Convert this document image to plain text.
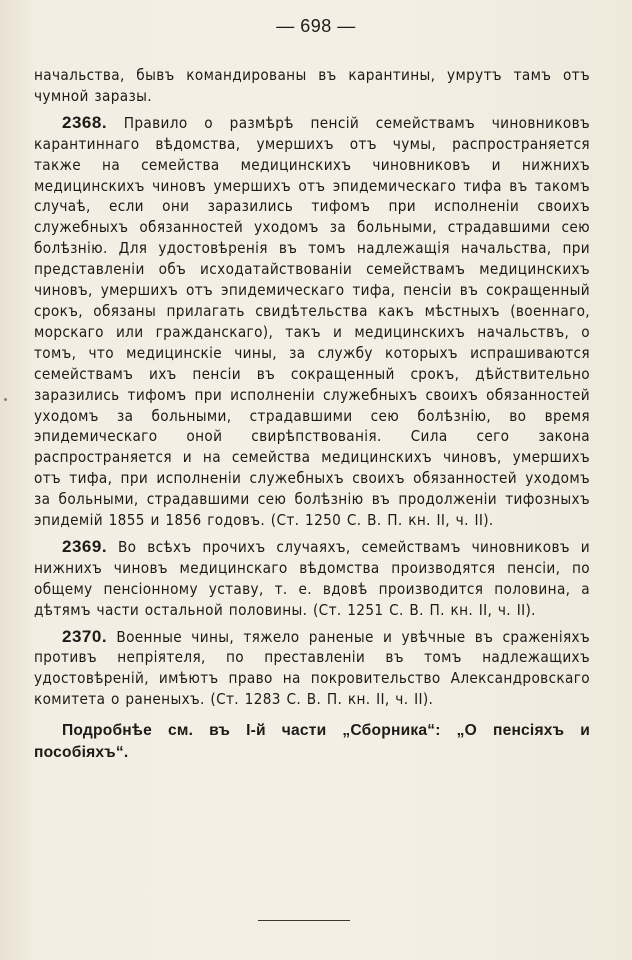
— 698 —

начальства, бывъ командированы въ карантины, умрутъ тамъ отъ чумной заразы.

2368. Правило о размѣрѣ пенсій семействамъ чиновниковъ карантиннаго вѣдомства, умершихъ отъ чумы, распространяется также на семейства медицинскихъ чиновниковъ и нижнихъ медицинскихъ чиновъ умершихъ отъ эпидемическаго тифа въ такомъ случаѣ, если они заразились тифомъ при исполненіи своихъ служебныхъ обязанностей уходомъ за больными, страдавшими сею болѣзнію. Для удостовѣренія въ томъ надлежащія начальства, при представленіи объ исходатайствованіи семействамъ медицинскихъ чиновъ, умершихъ отъ эпидемическаго тифа, пенсіи въ сокращенный срокъ, обязаны прилагать свидѣтельства какъ мѣстныхъ (военнаго, морскаго или гражданскаго), такъ и медицинскихъ начальствъ, о томъ, что медицинскіе чины, за службу которыхъ испрашиваются семействамъ ихъ пенсіи въ сокращенный срокъ, дѣйствительно заразились тифомъ при исполненіи служебныхъ своихъ обязанностей уходомъ за больными, страдавшими сею болѣзнію, во время эпидемическаго оной свирѣпствованія. Сила сего закона распространяется и на семейства медицинскихъ чиновъ, умершихъ отъ тифа, при исполненіи служебныхъ своихъ обязанностей уходомъ за больными, страдавшими сею болѣзнію въ продолженіи тифозныхъ эпидемій 1855 и 1856 годовъ. (Ст. 1250 С. В. П. кн. II, ч. II).

2369. Во всѣхъ прочихъ случаяхъ, семействамъ чиновниковъ и нижнихъ чиновъ медицинскаго вѣдомства производятся пенсіи, по общему пенсіонному уставу, т. е. вдовѣ производится половина, а дѣтямъ части остальной половины. (Ст. 1251 С. В. П. кн. II, ч. II).

2370. Военные чины, тяжело раненые и увѣчные въ сраженіяхъ противъ непріятеля, по преставленіи въ томъ надлежащихъ удостовѣреній, имѣютъ право на покровительство Александровскаго комитета о раненыхъ. (Ст. 1283 С. В. П. кн. II, ч. II).

Подробнѣе см. въ I-й части „Сборника“: „О пенсіяхъ и пособіяхъ“.
